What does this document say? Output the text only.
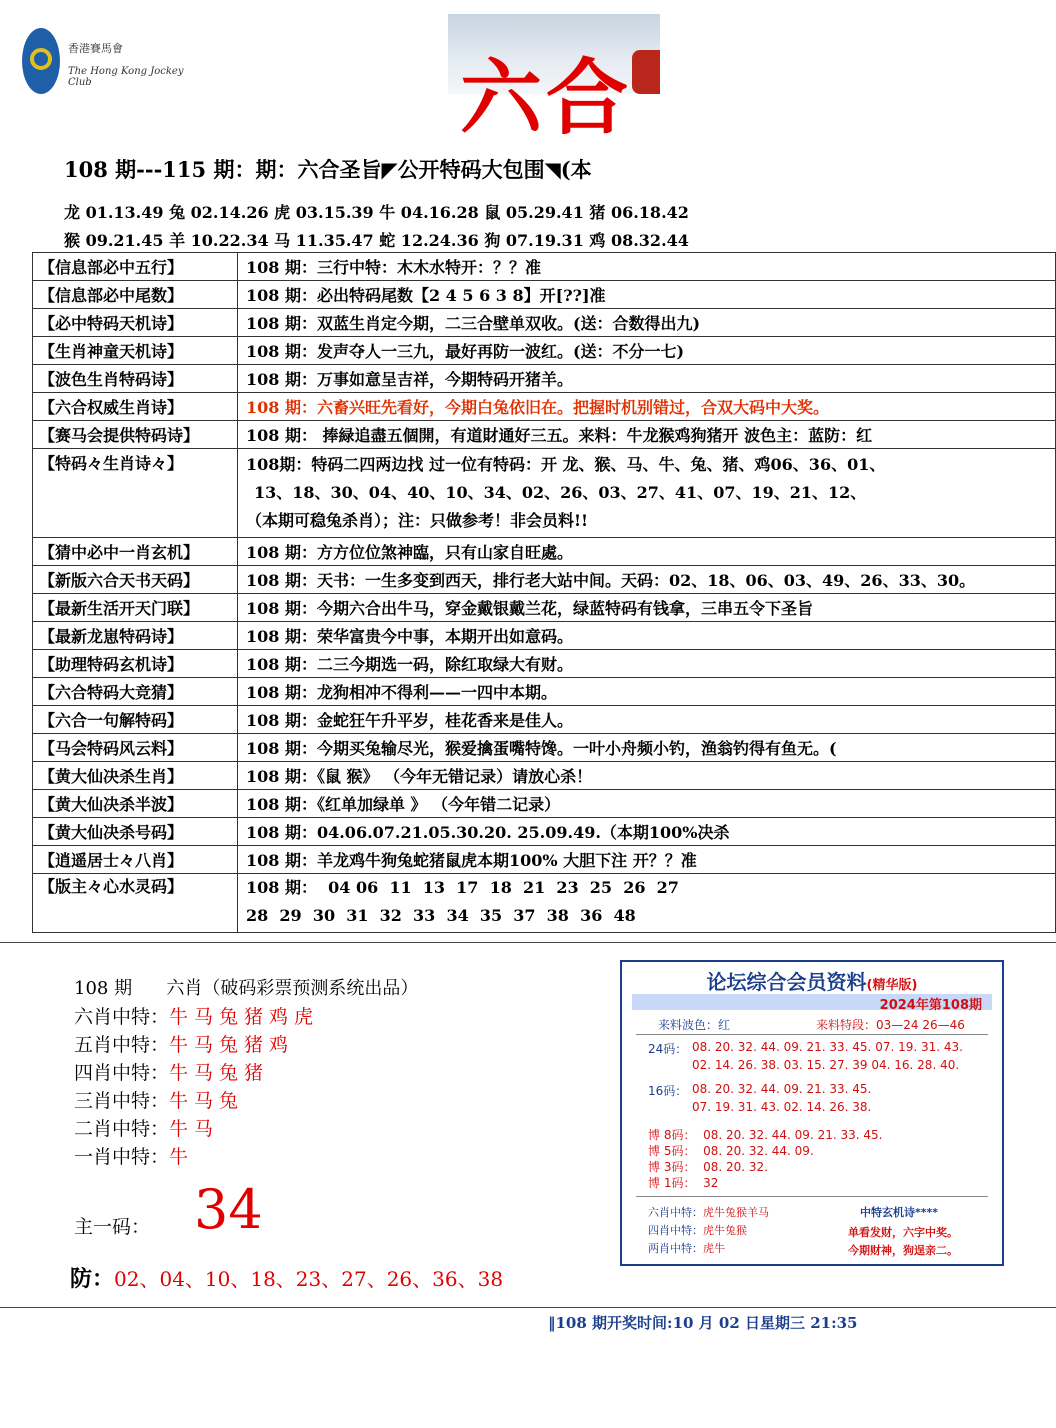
香港賽馬會
The Hong Kong Jockey Club	六合
108 期---115 期：期：六合圣旨◤公开特码大包围◥(本
龙 01.13.49 兔 02.14.26 虎 03.15.39 牛 04.16.28 鼠 05.29.41 猪 06.18.42
猴 09.21.45 羊 10.22.34 马 11.35.47 蛇 12.24.36 狗 07.19.31 鸡 08.32.44
【信息部必中五行】	108 期：三行中特：木木水特开：？？准
【信息部必中尾数】	108 期：必出特码尾数【2 4 5 6 3 8】开[??]准
【必中特码天机诗】	108 期：双蓝生肖定今期，二三合壁单双收。(送：合数得出九)
【生肖神童天机诗】	108 期：发声夺人一三九，最好再防一波红。(送：不分一七)
【波色生肖特码诗】	108 期：万事如意呈吉祥，今期特码开猪羊。
【六合权威生肖诗】	108 期：六畜兴旺先看好，今期白兔依旧在。把握时机别错过，合双大码中大奖。
【赛马会提供特码诗】	108 期： 捧緑追盡五個開，有道財通好三五。来料：牛龙猴鸡狗猪开 波色主：蓝防：红
【特码々生肖诗々】	108期：特码二四两边找 过一位有特码：开 龙、猴、马、牛、兔、猪、鸡06、36、01、
13、18、30、04、40、10、34、02、26、03、27、41、07、19、21、12、
（本期可稳兔杀肖）；注：只做参考！非会员料!!

【猜中必中一肖玄机】	108 期：方方位位煞神臨，只有山家自旺處。
【新版六合天书天码】	108 期：天书：一生多变到西天，排行老大站中间。天码：02、18、06、03、49、26、33、30。
【最新生活开天门联】	108 期：今期六合出牛马，穿金戴银戴兰花，绿蓝特码有钱拿，三串五令下圣旨
【最新龙崽特码诗】	108 期：荣华富贵今中事，本期开出如意码。
【助理特码玄机诗】	108 期：二三今期选一码，除红取绿大有财。
【六合特码大竞猜】	108 期：龙狗相冲不得利——一四中本期。
【六合一句解特码】	108 期：金蛇狂午升平岁，桂花香来是佳人。
【马会特码风云料】	108 期：今期买兔输尽光，猴爱擒蛋嘴特馋。一叶小舟频小钓，渔翁钓得有鱼无。(
【黄大仙决杀生肖】	108 期：《鼠 猴》 （今年无错记录）请放心杀！
【黄大仙决杀半波】	108 期：《红单加绿单 》 （今年错二记录）
【黄大仙决杀号码】	108 期：04.06.07.21.05.30.20. 25.09.49.（本期100%决杀
【逍遥居士々八肖】	108 期：羊龙鸡牛狗兔蛇猪鼠虎本期100% 大胆下注 开？？准
【版主々心水灵码】	108 期：  04 06  11  13  17  18  21  23  25  26  27
28  29  30  31  32  33  34  35  37  38  36  48
108 期      六肖（破码彩票预测系统出品）
六肖中特：牛马兔猪鸡虎
五肖中特：牛马兔猪鸡
四肖中特：牛马兔猪
三肖中特：牛马兔
二肖中特：牛马
一肖中特：牛
主一码： 34
防：02、04、10、18、23、27、26、36、38
论坛综合会员资料(精华版)
2024年第108期
来料波色：红	来料特段：03—24 26—46
24码： 08. 20. 32. 44. 09. 21. 33. 45. 07. 19. 31. 43.
02. 14. 26. 38. 03. 15. 27. 39 04. 16. 28. 40.
16码： 08. 20. 32. 44. 09. 21. 33. 45.
07. 19. 31. 43. 02. 14. 26. 38.
博 8码：  08. 20. 32. 44. 09. 21. 33. 45.
博 5码：  08. 20. 32. 44. 09.
博 3码：  08. 20. 32.
博 1码：  32
六肖中特：虎牛兔猴羊马
四肖中特：虎牛兔猴
两肖中特：虎牛
中特玄机诗****
单看发财，六字中奖。
今期财神，狗逞亲二。
‖108 期开奖时间:10 月 02 日星期三 21:35
